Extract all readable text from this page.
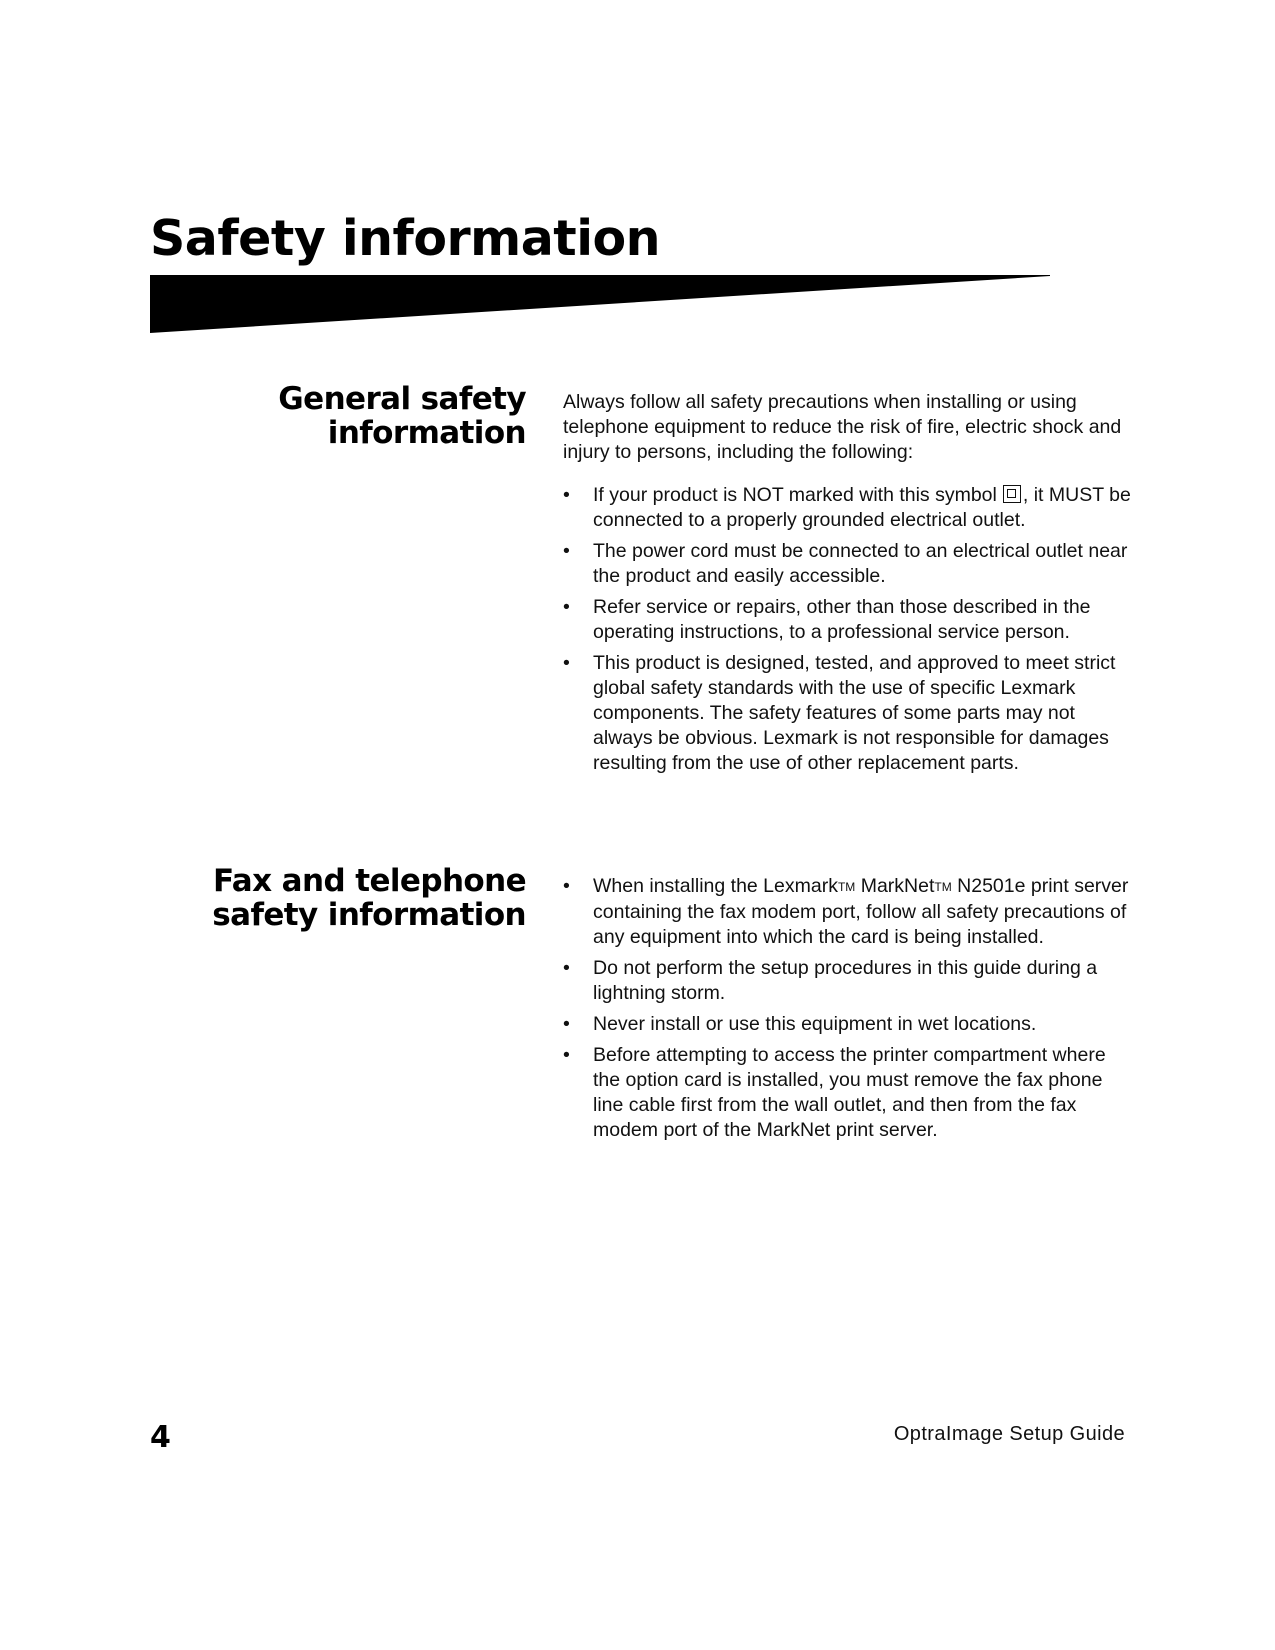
Safety information
General safety
information

Always follow all safety precautions when installing or using telephone equipment to reduce the risk of fire, electric shock and injury to persons, including the following:

•	If your product is NOT marked with this symbol , it MUST be connected to a properly grounded electrical outlet.
•	The power cord must be connected to an electrical outlet near the product and easily accessible.
•	Refer service or repairs, other than those described in the operating instructions, to a professional service person.
•	This product is designed, tested, and approved to meet strict global safety standards with the use of specific Lexmark components. The safety features of some parts may not always be obvious. Lexmark is not responsible for damages resulting from the use of other replacement parts.
Fax and telephone
safety information
•	When installing the LexmarkTM MarkNetTM N2501e print server containing the fax modem port, follow all safety precautions of any equipment into which the card is being installed.
•	Do not perform the setup procedures in this guide during a lightning storm.
•	Never install or use this equipment in wet locations.
•	Before attempting to access the printer compartment where the option card is installed, you must remove the fax phone line cable first from the wall outlet, and then from the fax modem port of the MarkNet print server.

4	OptraImage Setup Guide
